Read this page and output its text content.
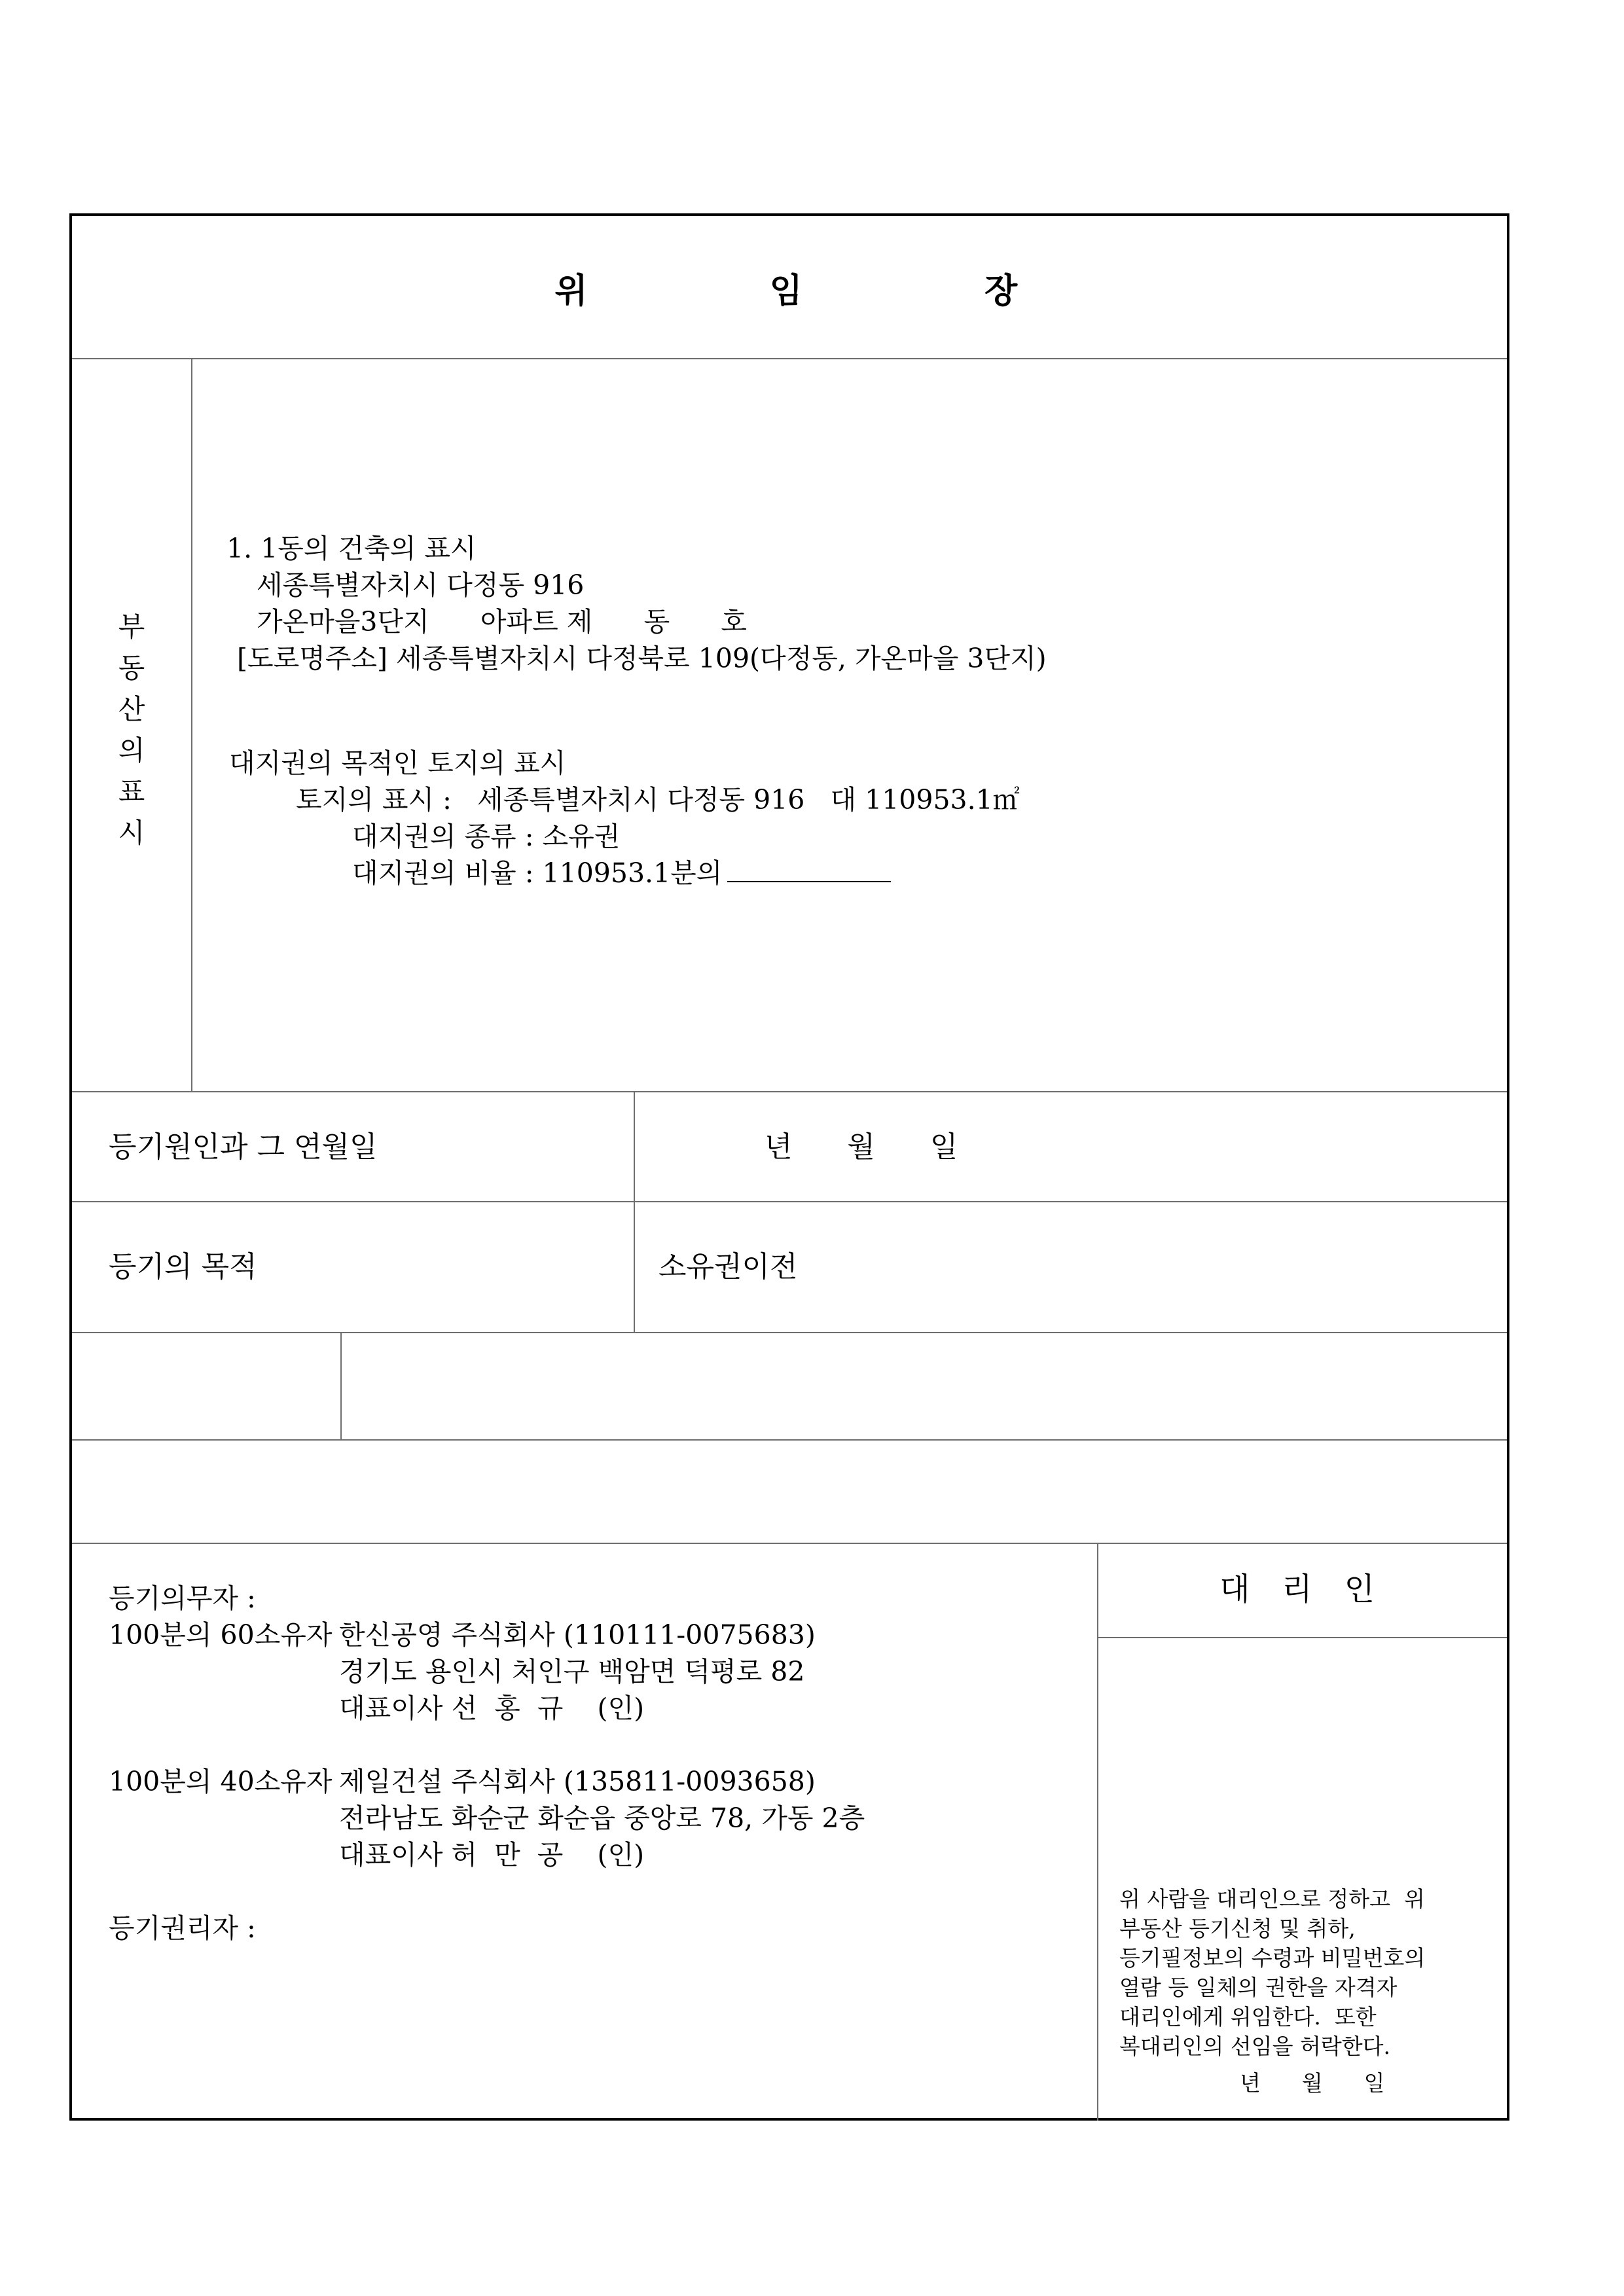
위 임 장
부
동
산
의
표
시
1. 1동의 건축의 표시
세종특별자치시 다정동 916
가온마을3단지      아파트 제      동      호
[도로명주소] 세종특별자치시 다정북로 109(다정동, 가온마을 3단지)
대지권의 목적인 토지의 표시
토지의 표시 :   세종특별자치시 다정동 916   대 110953.1㎡
대지권의 종류 : 소유권
대지권의 비율 : 110953.1분의
등기원인과 그 연월일	년      월      일
등기의 목적	소유권이전
등기의무자 :
100분의 60소유자 한신공영 주식회사 (110111-0075683)
경기도 용인시 처인구 백암면 덕평로 82
대표이사 선  홍  규    (인)
100분의 40소유자 제일건설 주식회사 (135811-0093658)
전라남도 화순군 화순읍 중앙로 78, 가동 2층
대표이사 허  만  공    (인)
등기권리자 :
대 리 인
위 사람을 대리인으로 정하고  위
부동산 등기신청 및 취하,
등기필정보의 수령과 비밀번호의
열람 등 일체의 권한을 자격자
대리인에게 위임한다.  또한
복대리인의 선임을 허락한다.
년      월      일
